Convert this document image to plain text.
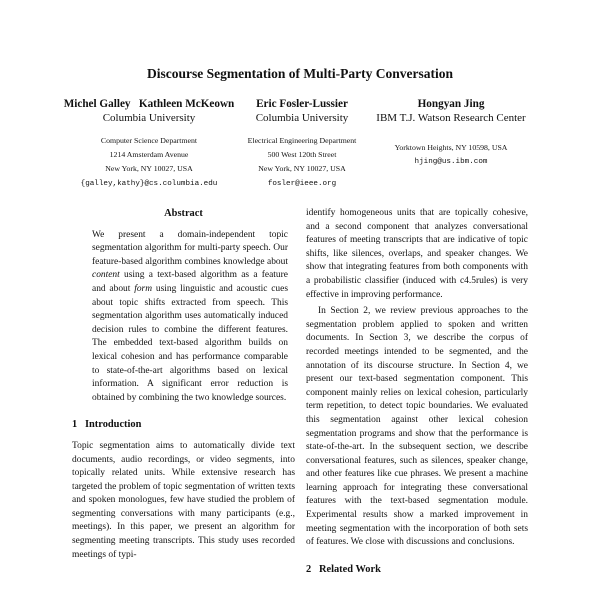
Discourse Segmentation of Multi-Party Conversation
Michel Galley   Kathleen McKeown
Columbia University
Computer Science Department
1214 Amsterdam Avenue
New York, NY 10027, USA
{galley,kathy}@cs.columbia.edu
Eric Fosler-Lussier
Columbia University
Electrical Engineering Department
500 West 120th Street
New York, NY 10027, USA
fosler@ieee.org
Hongyan Jing
IBM T.J. Watson Research Center
Yorktown Heights, NY 10598, USA
hjing@us.ibm.com
Abstract

We present a domain-independent topic segmentation algorithm for multi-party speech. Our feature-based algorithm combines knowledge about content using a text-based algorithm as a feature and about form using linguistic and acoustic cues about topic shifts extracted from speech. This segmentation algorithm uses automatically induced decision rules to combine the different features. The embedded text-based algorithm builds on lexical cohesion and has performance comparable to state-of-the-art algorithms based on lexical information. A significant error reduction is obtained by combining the two knowledge sources.

1   Introduction

Topic segmentation aims to automatically divide text documents, audio recordings, or video segments, into topically related units. While extensive research has targeted the problem of topic segmentation of written texts and spoken monologues, few have studied the problem of segmenting conversations with many participants (e.g., meetings). In this paper, we present an algorithm for segmenting meeting transcripts. This study uses recorded meetings of typi-

identify homogeneous units that are topically cohesive, and a second component that analyzes conversational features of meeting transcripts that are indicative of topic shifts, like silences, overlaps, and speaker changes. We show that integrating features from both components with a probabilistic classifier (induced with c4.5rules) is very effective in improving performance.

In Section 2, we review previous approaches to the segmentation problem applied to spoken and written documents. In Section 3, we describe the corpus of recorded meetings intended to be segmented, and the annotation of its discourse structure. In Section 4, we present our text-based segmentation component. This component mainly relies on lexical cohesion, particularly term repetition, to detect topic boundaries. We evaluated this segmentation against other lexical cohesion segmentation programs and show that the performance is state-of-the-art. In the subsequent section, we describe conversational features, such as silences, speaker change, and other features like cue phrases. We present a machine learning approach for integrating these conversational features with the text-based segmentation module. Experimental results show a marked improvement in meeting segmentation with the incorporation of both sets of features. We close with discussions and conclusions.

2   Related Work
